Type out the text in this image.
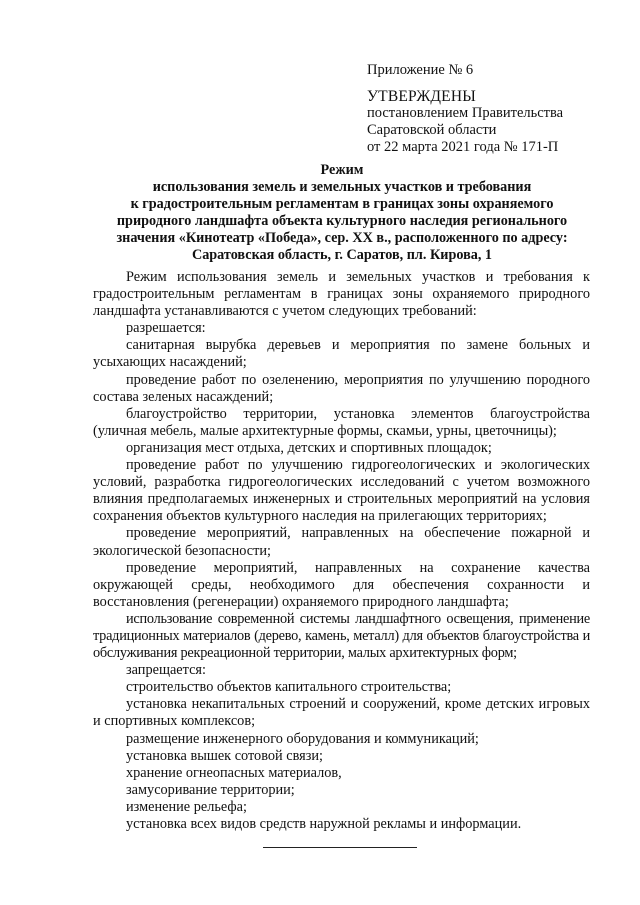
Приложение № 6
УТВЕРЖДЕНЫ
постановлением Правительства
Саратовской области
от 22 марта 2021 года № 171-П
Режим
использования земель и земельных участков и требования
к градостроительным регламентам в границах зоны охраняемого
природного ландшафта объекта культурного наследия регионального
значения «Кинотеатр «Победа», сер. XX в., расположенного по адресу:
Саратовская область, г. Саратов, пл. Кирова, 1

Режим использования земель и земельных участков и требования к градостроительным регламентам в границах зоны охраняемого природного ландшафта устанавливаются с учетом следующих требований:

разрешается:

санитарная вырубка деревьев и мероприятия по замене больных и усыхающих насаждений;

проведение работ по озеленению, мероприятия по улучшению породного состава зеленых насаждений;

благоустройство территории, установка элементов благоустройства (уличная мебель, малые архитектурные формы, скамьи, урны, цветочницы);

организация мест отдыха, детских и спортивных площадок;

проведение работ по улучшению гидрогеологических и экологических условий, разработка гидрогеологических исследований с учетом возможного влияния предполагаемых инженерных и строительных мероприятий на условия сохранения объектов культурного наследия на прилегающих территориях;

проведение мероприятий, направленных на обеспечение пожарной и экологической безопасности;

проведение мероприятий, направленных на сохранение качества окружающей среды, необходимого для обеспечения сохранности и восстановления (регенерации) охраняемого природного ландшафта;

использование современной системы ландшафтного освещения, применение традиционных материалов (дерево, камень, металл) для объектов благоустройства и обслуживания рекреационной территории, малых архитектурных форм;

запрещается:

строительство объектов капитального строительства;

установка некапитальных строений и сооружений, кроме детских игровых и спортивных комплексов;

размещение инженерного оборудования и коммуникаций;

установка вышек сотовой связи;

хранение огнеопасных материалов,

замусоривание территории;

изменение рельефа;

установка всех видов средств наружной рекламы и информации.
